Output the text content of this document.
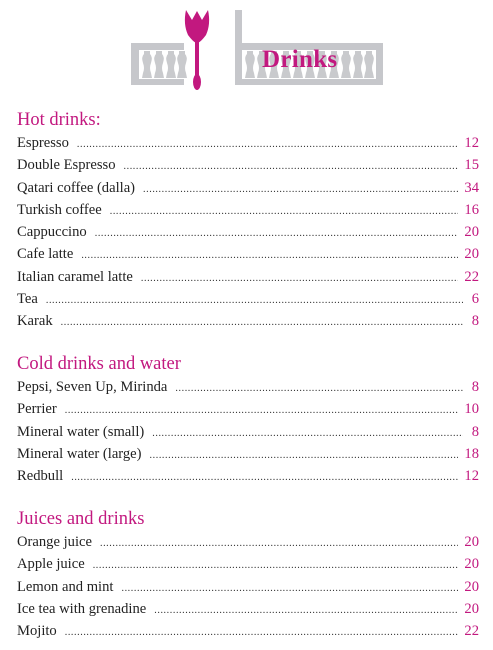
Drinks
Hot drinks:
Espresso .....	12
Double Espresso .....	15
Qatari coffee (dalla) .....	34
Turkish coffee .....	16
Cappuccino .....	20
Cafe latte .....	20
Italian caramel latte .....	22
Tea .....	6
Karak .....	8
Cold drinks and water
Pepsi, Seven Up, Mirinda .....	8
Perrier .....	10
Mineral water (small) .....	8
Mineral water (large) .....	18
Redbull .....	12
Juices and drinks
Orange juice .....	20
Apple juice .....	20
Lemon and mint .....	20
Ice tea with grenadine .....	20
Mojito .....	22
